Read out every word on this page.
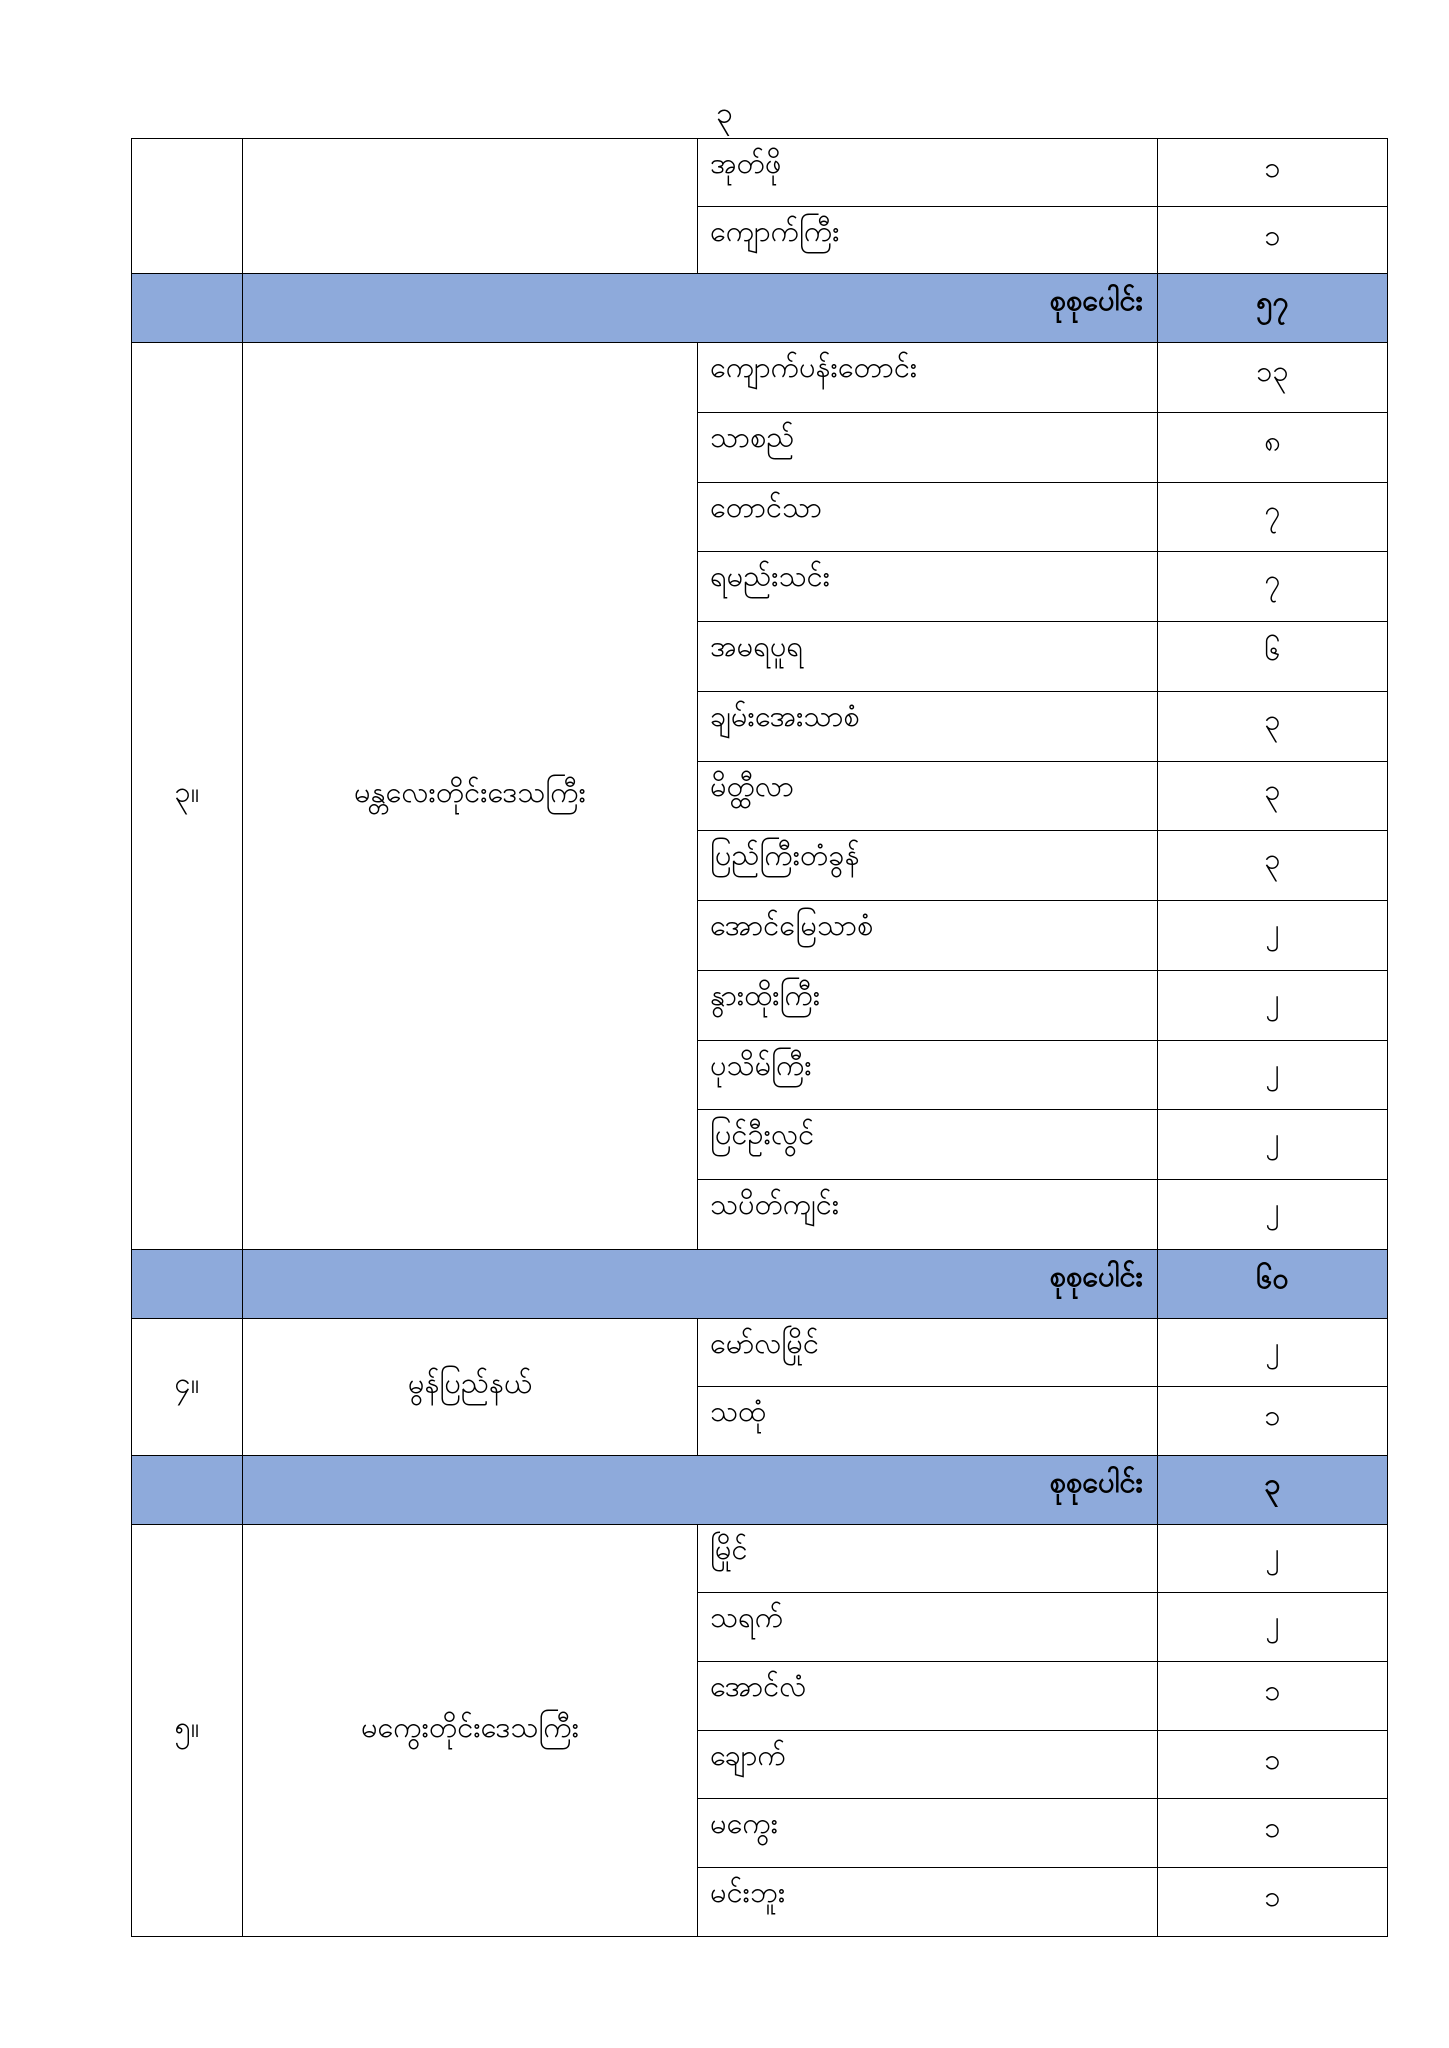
၃
		အုတ်ဖို	၁
		ကျောက်ကြီး	၁
	စုစုပေါင်း		၅၇
၃။	မန္တလေးတိုင်းဒေသကြီး	ကျောက်ပန်းတောင်း	၁၃
		သာစည်	၈
		တောင်သာ	၇
		ရမည်းသင်း	၇
		အမရပူရ	၆
		ချမ်းအေးသာစံ	၃
		မိတ္ထီလာ	၃
		ပြည်ကြီးတံခွန်	၃
		အောင်မြေသာစံ	၂
		နွားထိုးကြီး	၂
		ပုသိမ်ကြီး	၂
		ပြင်ဦးလွင်	၂
		သပိတ်ကျင်း	၂
	စုစုပေါင်း		၆၀
၄။	မွန်ပြည်နယ်	မော်လမြိုင်	၂
		သထုံ	၁
	စုစုပေါင်း		၃
၅။	မကွေးတိုင်းဒေသကြီး	မြိုင်	၂
		သရက်	၂
		အောင်လံ	၁
		ချောက်	၁
		မကွေး	၁
		မင်းဘူး	၁
